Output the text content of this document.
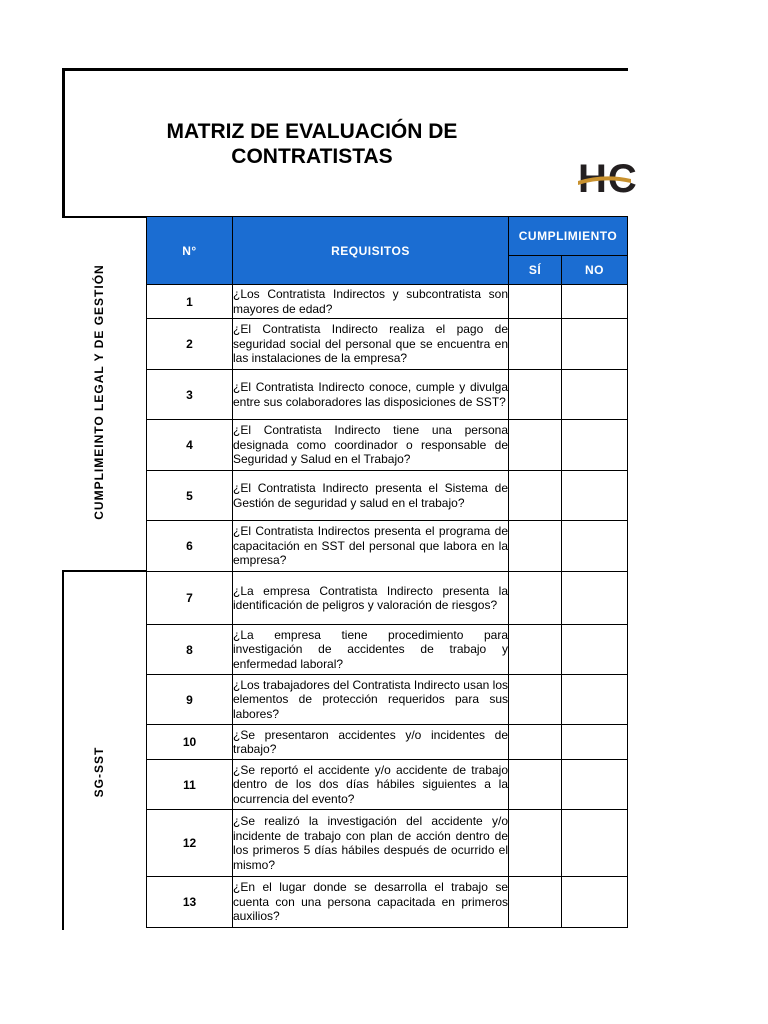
MATRIZ DE EVALUACIÓN DE CONTRATISTAS
HC
CUMPLIMEINTO LEGAL Y DE GESTIÓN
SG-SST
N°	REQUISITOS	CUMPLIMIENTO	
		SÍ	NO
1	¿Los Contratista Indirectos y subcontratista son mayores de edad?		
2	¿El Contratista Indirecto realiza el pago de seguridad social del personal que se encuentra en las instalaciones de la empresa?		
3	¿El Contratista Indirecto conoce, cumple y divulga entre sus colaboradores las disposiciones de SST?		
4	¿El Contratista Indirecto tiene una persona designada como coordinador o responsable de Seguridad y Salud en el Trabajo?		
5	¿El Contratista Indirecto presenta el Sistema de Gestión de seguridad y salud en el trabajo?		
6	¿El Contratista Indirectos presenta el programa de capacitación en SST del personal que labora en la empresa?		
7	¿La empresa Contratista Indirecto presenta la identificación de peligros y valoración de riesgos?		
8	¿La empresa tiene procedimiento para investigación de accidentes de trabajo y enfermedad laboral?		
9	¿Los trabajadores del Contratista Indirecto usan los elementos de protección requeridos para sus labores?		
10	¿Se presentaron accidentes y/o incidentes de trabajo?		
11	¿Se reportó el accidente y/o accidente de trabajo dentro de los dos días hábiles siguientes a la ocurrencia del evento?		
12	¿Se realizó la investigación del accidente y/o incidente de trabajo con plan de acción dentro de los primeros 5 días hábiles después de ocurrido el mismo?		
13	¿En el lugar donde se desarrolla el trabajo se cuenta con una persona capacitada en primeros auxilios?		
